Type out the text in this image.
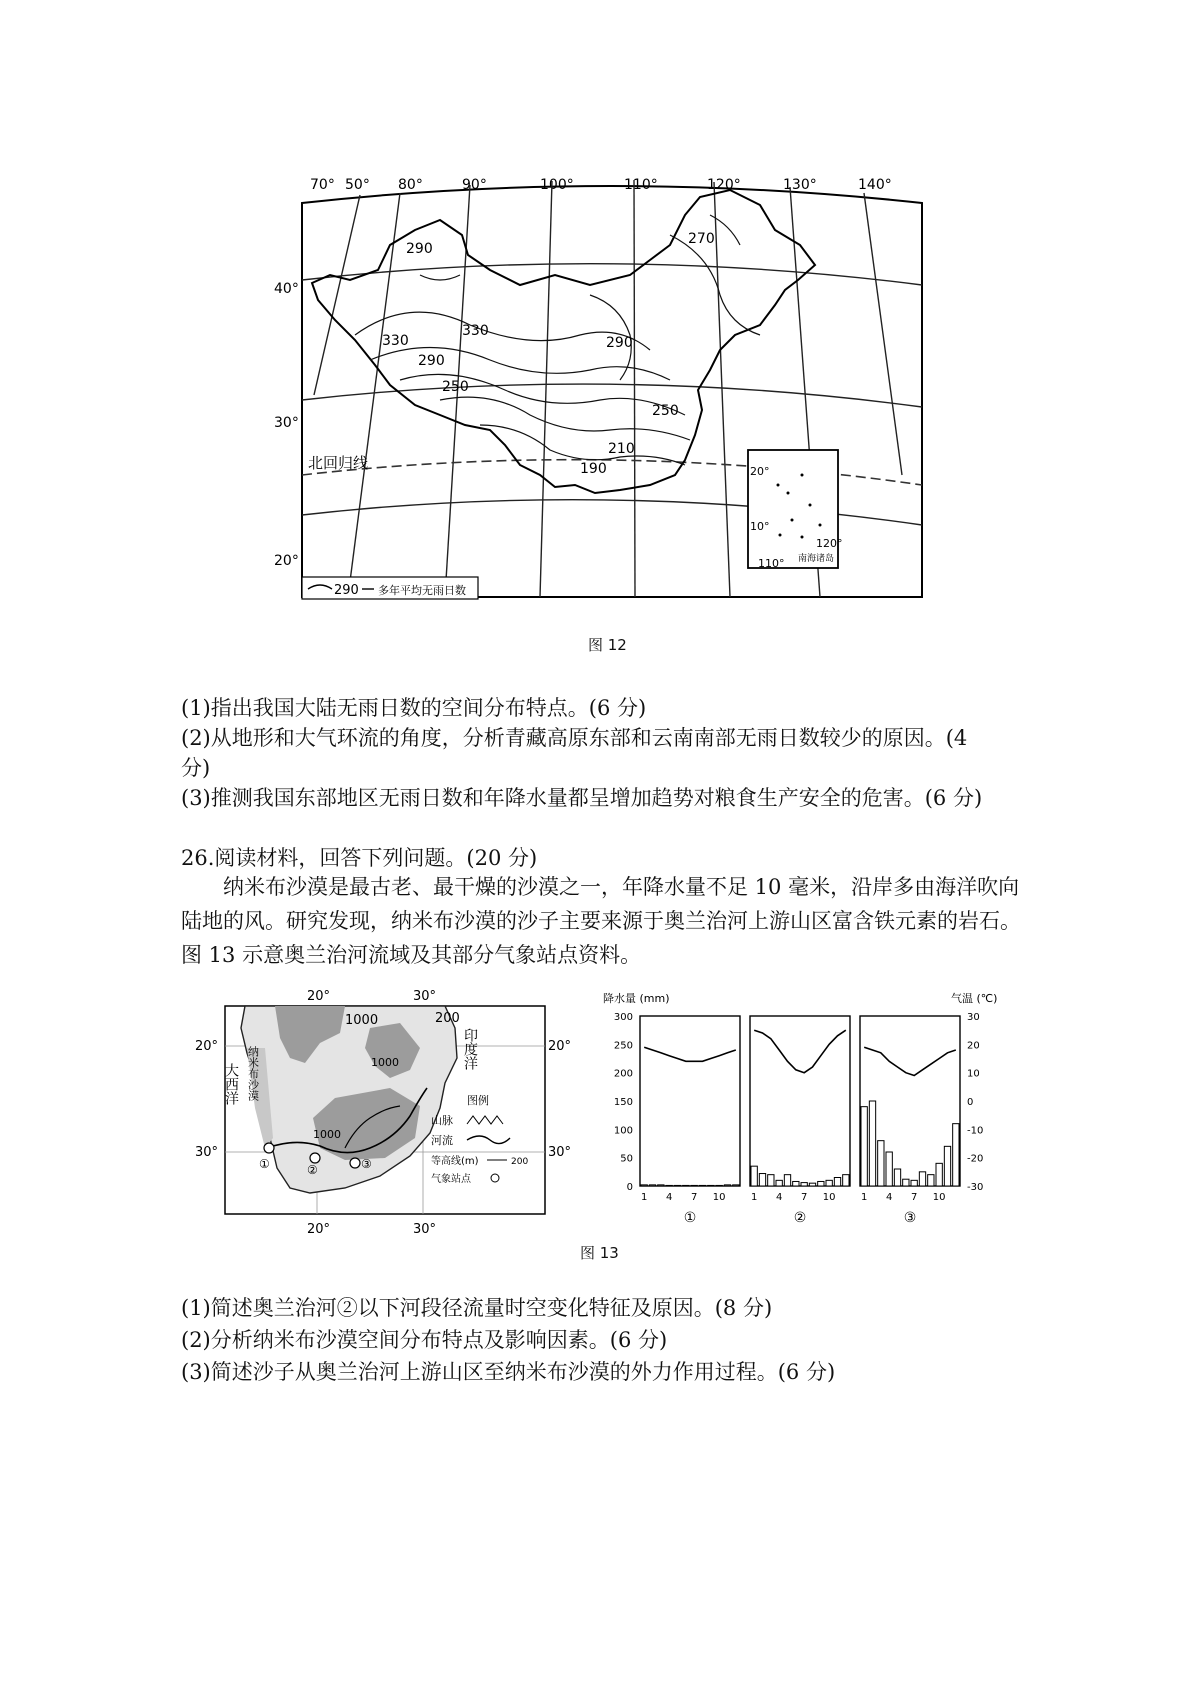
70° 50° 80°	90°	100°	110°	120°	130°	140°
40°
30°
20°
北回归线
290
270
330
330
290
290
250
250
210
190	20°
10°
110°
120°
南海诸岛
290 多年平均无雨日数
图 12
(1)指出我国大陆无雨日数的空间分布特点。(6 分)
(2)从地形和大气环流的角度，分析青藏高原东部和云南南部无雨日数较少的原因。(4
分)
(3)推测我国东部地区无雨日数和年降水量都呈增加趋势对粮食生产安全的危害。(6 分)
26.阅读材料，回答下列问题。(20 分)
纳米布沙漠是最古老、最干燥的沙漠之一，年降水量不足 10 毫米，沿岸多由海洋吹向陆地的风。研究发现，纳米布沙漠的沙子主要来源于奥兰治河上游山区富含铁元素的岩石。图 13 示意奥兰治河流域及其部分气象站点资料。
20°	30°
20°	30°
20°
30°
20°
30°
①	②	③
1000	200
1000
1000
大西洋
印度洋
纳米布沙漠	图例
山脉
河流
等高线(m)	200
气象站点
降水量 (mm)	气温 (℃)
300
250
200
150
100
50
0
30
20
10
0
-10
-20
-30
1 4 7 10
①
1 4 7 10
②
1 4 7 10
③
图 13
(1)简述奥兰治河②以下河段径流量时空变化特征及原因。(8 分)
(2)分析纳米布沙漠空间分布特点及影响因素。(6 分)
(3)简述沙子从奥兰治河上游山区至纳米布沙漠的外力作用过程。(6 分)
